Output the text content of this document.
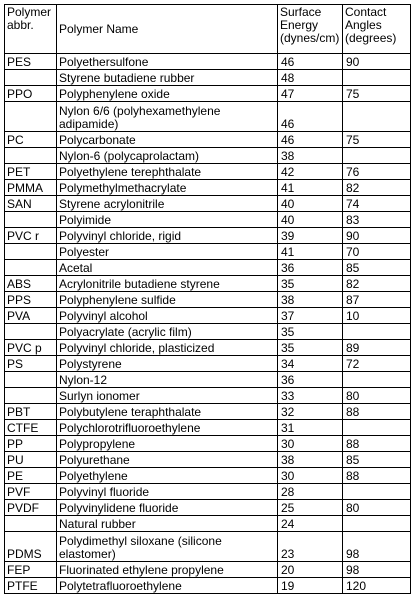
Polymer abbr.	Polymer Name	Surface Energy (dynes/cm)	Contact Angles (degrees)
PES	Polyethersulfone	46	90
	Styrene butadiene rubber	48	
PPO	Polyphenylene oxide	47	75
	Nylon 6/6 (polyhexamethylene adipamide)	46	
PC	Polycarbonate	46	75
	Nylon-6 (polycaprolactam)	38	
PET	Polyethylene terephthalate	42	76
PMMA	Polymethylmethacrylate	41	82
SAN	Styrene acrylonitrile	40	74
	Polyimide	40	83
PVC r	Polyvinyl chloride, rigid	39	90
	Polyester	41	70
	Acetal	36	85
ABS	Acrylonitrile butadiene styrene	35	82
PPS	Polyphenylene sulfide	38	87
PVA	Polyvinyl alcohol	37	10
	Polyacrylate (acrylic film)	35	
PVC p	Polyvinyl chloride, plasticized	35	89
PS	Polystyrene	34	72
	Nylon-12	36	
	Surlyn ionomer	33	80
PBT	Polybutylene teraphthalate	32	88
CTFE	Polychlorotrifluoroethylene	31	
PP	Polypropylene	30	88
PU	Polyurethane	38	85
PE	Polyethylene	30	88
PVF	Polyvinyl fluoride	28	
PVDF	Polyvinylidene fluoride	25	80
	Natural rubber	24	
PDMS	Polydimethyl siloxane (silicone elastomer)	23	98
FEP	Fluorinated ethylene propylene	20	98
PTFE	Polytetrafluoroethylene	19	120
